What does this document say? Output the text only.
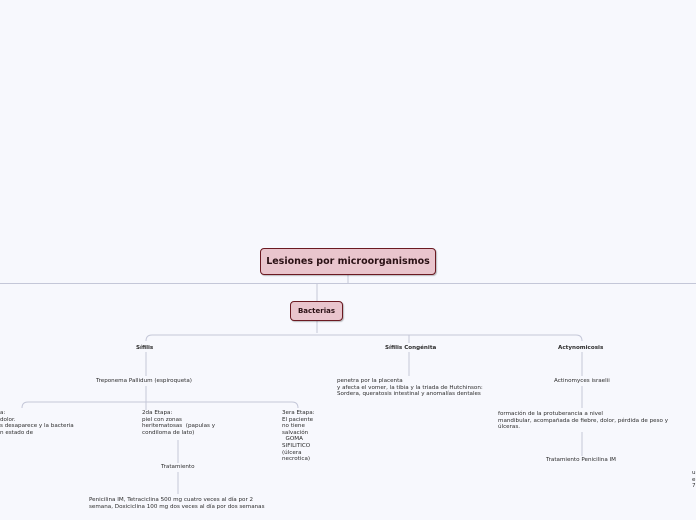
Lesiones por microorganismos
Bacterias

Sífilis	Sífilis Congénita	Actynomicosis

Treponema Pallidum (espiroqueta)	penetra por la placenta
y afecta el vomer, la tibia y la triada de Hutchinson:
Sordera, queratosis intestinal y anomalías dentales

Actinomyces israelii

a:
dolor.
s desaparece y la bacteria
n estado de

2da Etapa:
piel con zonas
heritematosas  (papulas y
condiloma de lato)

3era Etapa:
El paciente
no tiene
salvación
GOMA
SIFILITICO
(úlcera
necrotica)

Tratamiento

Penicilina IM, Tetraciclina 500 mg cuatro veces al día por 2
semana, Doxiciclina 100 mg dos veces al día por dos semanas

formación de la protuberancia a nivel
mandibular, acompañada de fiebre, dolor, pérdida de peso y
úlceras.

Tratamiento Penicilina IM

u
e
7
